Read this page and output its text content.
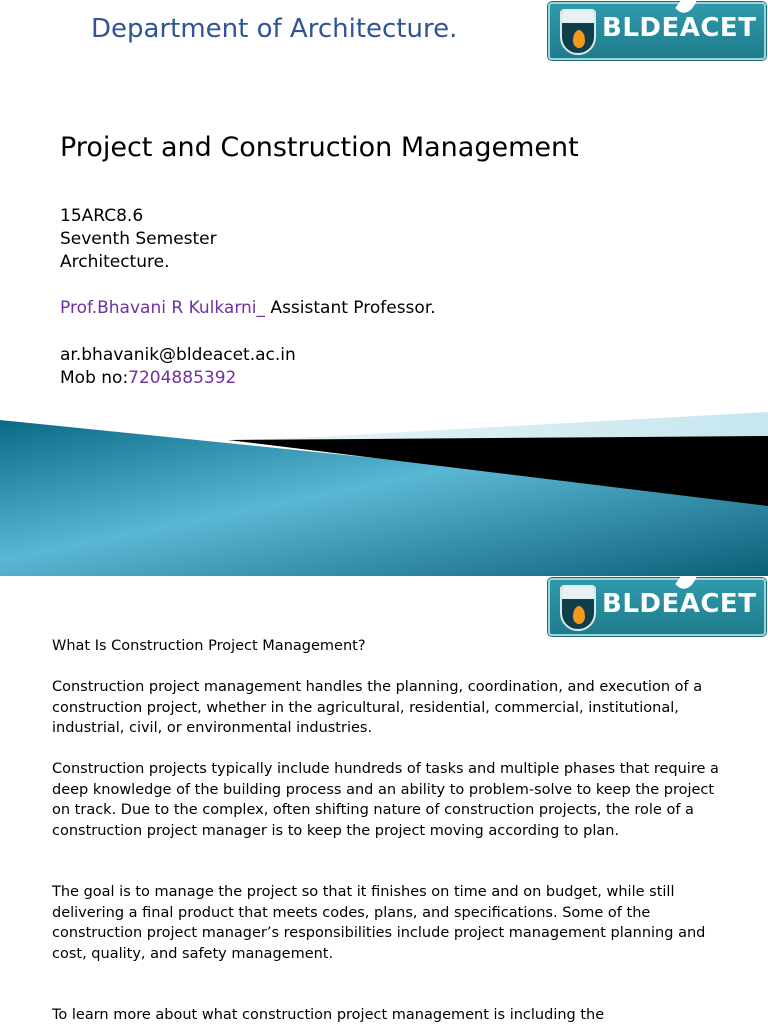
Department of Architecture.	BLDEACET
Project and Construction Management
15ARC8.6
Seventh Semester
Architecture.
Prof.Bhavani R Kulkarni_ Assistant Professor.
ar.bhavanik@bldeacet.ac.in
Mob no:7204885392
BLDEACET
What Is Construction Project Management?
Construction project management handles the planning, coordination, and execution of a construction project, whether in the agricultural, residential, commercial, institutional, industrial, civil, or environmental industries.
Construction projects typically include hundreds of tasks and multiple phases that require a deep knowledge of the building process and an ability to problem-solve to keep the project on track. Due to the complex, often shifting nature of construction projects, the role of a construction project manager is to keep the project moving according to plan.
The goal is to manage the project so that it finishes on time and on budget, while still delivering a final product that meets codes, plans, and specifications. Some of the construction project manager’s responsibilities include project management planning and cost, quality, and safety management.
To learn more about what construction project management is including the
